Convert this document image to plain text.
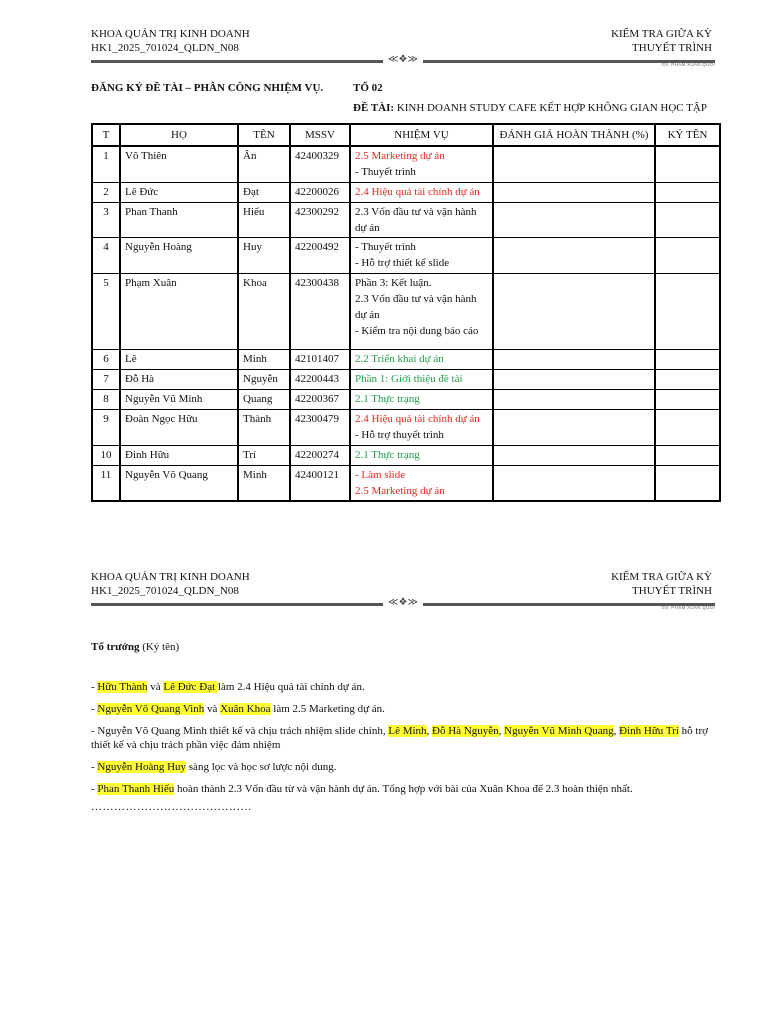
KHOA QUẢN TRỊ KINH DOANH
HK1_2025_701024_QLDN_N08
KIỂM TRA GIỮA KỲ
THUYẾT TRÌNH
≪❖≫	GV. PHẠM XUÂN QUỐI
ĐĂNG KÝ ĐỀ TÀI – PHÂN CÔNG NHIỆM VỤ.	TỔ 02
ĐỀ TÀI: KINH DOANH STUDY CAFE KẾT HỢP KHÔNG GIAN HỌC TẬP
T	HỌ	TÊN	MSSV	NHIỆM VỤ	ĐÁNH GIÁ HOÀN THÀNH (%)	KÝ TÊN
1	Võ Thiên	Ân	42400329	2.5 Marketing dự án
- Thuyết trình		

2	Lê Đức	Đạt	42200026	2.4 Hiệu quả tài chính dự án		

3	Phan Thanh	Hiếu	42300292	2.3 Vốn đầu tư và vận hành dự án		

4	Nguyễn Hoàng	Huy	42200492	- Thuyết trình
- Hỗ trợ thiết kế slide		

5	Phạm Xuân	Khoa	42300438	Phần 3: Kết luận.
2.3 Vốn đầu tư và vận hành dự án
- Kiểm tra nội dung báo cáo		

6	Lê	Minh	42101407	2.2 Triển khai dự án		

7	Đỗ Hà	Nguyễn	42200443	Phần 1: Giới thiệu đề tài		

8	Nguyễn Vũ Minh	Quang	42200367	2.1 Thực trạng		

9	Đoàn Ngọc Hữu	Thành	42300479	2.4 Hiệu quả tài chính dự án
- Hỗ trợ thuyết trình		

10	Đinh Hữu	Trí	42200274	2.1 Thực trạng		

11	Nguyễn Võ Quang	Minh	42400121	- Làm slide
2.5 Marketing dự án		

KHOA QUẢN TRỊ KINH DOANH
HK1_2025_701024_QLDN_N08
KIỂM TRA GIỮA KỲ
THUYẾT TRÌNH
≪❖≫	GV. PHẠM XUÂN QUỐI
Tổ trưởng (Ký tên)
- Hữu Thành và Lê Đức Đạt làm 2.4 Hiệu quả tài chính dự án.
- Nguyễn Võ Quang Vinh và Xuân Khoa làm 2.5 Marketing dự án.
- Nguyễn Võ Quang Minh thiết kế và chịu trách nhiệm slide chính, Lê Minh, Đỗ Hà Nguyễn, Nguyễn Vũ Minh Quang, Đinh Hữu Trí hỗ trợ thiết kế và chịu trách phần việc đảm nhiệm
- Nguyễn Hoàng Huy sàng lọc và học sơ lược nội dung.
- Phan Thanh Hiếu hoàn thành 2.3 Vốn đầu từ và vận hành dự án. Tổng hợp với bài của Xuân Khoa để 2.3 hoàn thiện nhất.
……………………………………
